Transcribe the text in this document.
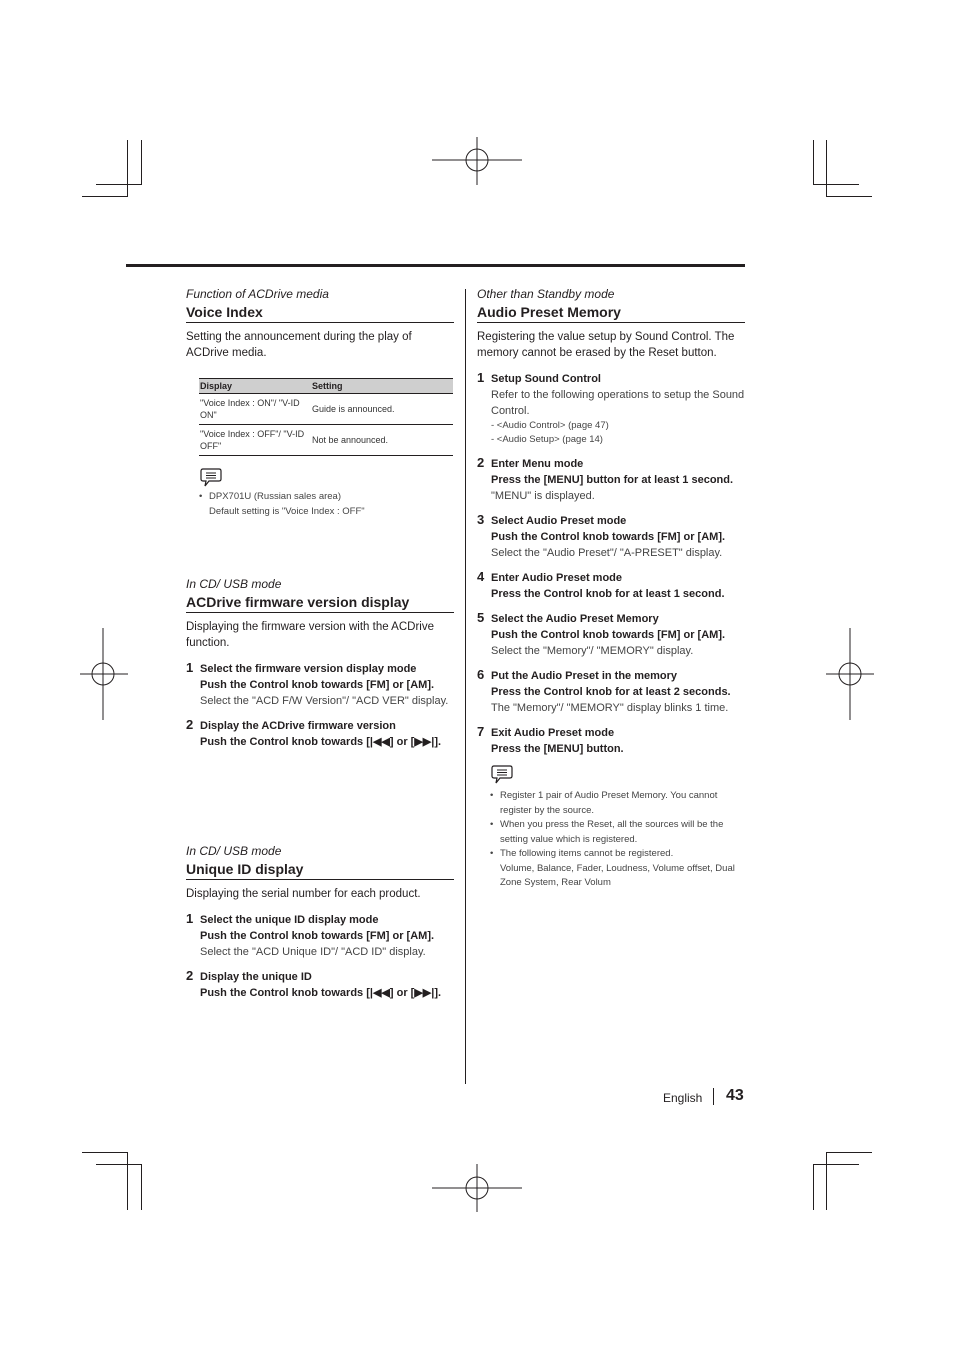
Function of ACDrive media
Voice Index
Setting the announcement during the play of ACDrive media.
Display	Setting
"Voice Index : ON"/ "V-ID ON"	Guide is announced.
"Voice Index : OFF"/ "V-ID OFF"	Not be announced.
• DPX701U (Russian sales area)
Default setting is "Voice Index : OFF"
In CD/ USB mode
ACDrive firmware version display
Displaying the firmware version with the ACDrive function.
1 Select the firmware version display mode
Push the Control knob towards [FM] or [AM].
Select the "ACD F/W Version"/ "ACD VER" display.
2 Display the ACDrive firmware version
Push the Control knob towards [|◀◀] or [▶▶|].
In CD/ USB mode
Unique ID display
Displaying the serial number for each product.
1 Select the unique ID display mode
Push the Control knob towards [FM] or [AM].
Select the "ACD Unique ID"/ "ACD ID" display.
2 Display the unique ID
Push the Control knob towards [|◀◀] or [▶▶|].
Other than Standby mode
Audio Preset Memory
Registering the value setup by Sound Control. The memory cannot be erased by the Reset button.
1 Setup Sound Control
Refer to the following operations to setup the Sound Control.
- <Audio Control> (page 47)
- <Audio Setup> (page 14)
2 Enter Menu mode
Press the [MENU] button for at least 1 second.
"MENU" is displayed.
3 Select Audio Preset mode
Push the Control knob towards [FM] or [AM].
Select the "Audio Preset"/ "A-PRESET" display.
4 Enter Audio Preset mode
Press the Control knob for at least 1 second.
5 Select the Audio Preset Memory
Push the Control knob towards [FM] or [AM].
Select the "Memory"/ "MEMORY" display.
6 Put the Audio Preset in the memory
Press the Control knob for at least 2 seconds.
The "Memory"/ "MEMORY" display blinks 1 time.
7 Exit Audio Preset mode
Press the [MENU] button.
• Register 1 pair of Audio Preset Memory. You cannot register by the source.
• When you press the Reset, all the sources will be the setting value which is registered.
• The following items cannot be registered.
Volume, Balance, Fader, Loudness, Volume offset, Dual Zone System, Rear Volum
English 43
